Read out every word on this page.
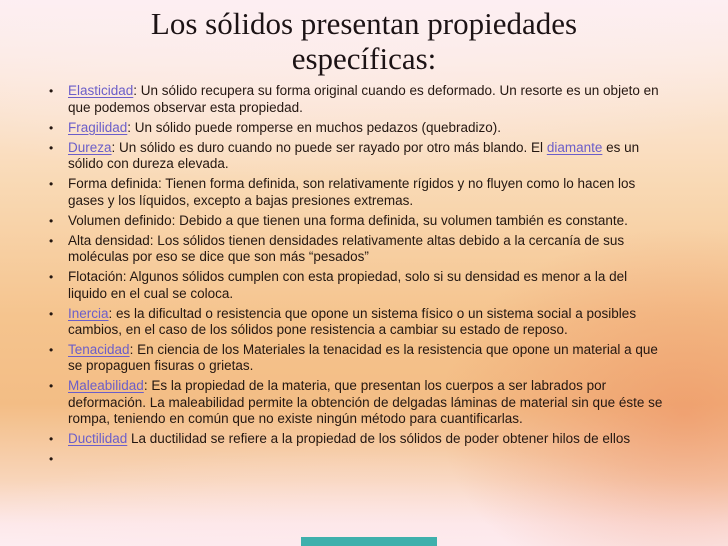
Los sólidos presentan propiedades
específicas:
• Elasticidad: Un sólido recupera su forma original cuando es deformado. Un resorte es un objeto en que podemos observar esta propiedad.
• Fragilidad: Un sólido puede romperse en muchos pedazos (quebradizo).
• Dureza: Un sólido es duro cuando no puede ser rayado por otro más blando. El diamante es un sólido con dureza elevada.
• Forma definida: Tienen forma definida, son relativamente rígidos y no fluyen como lo hacen los gases y los líquidos, excepto a bajas presiones extremas.
• Volumen definido: Debido a que tienen una forma definida, su volumen también es constante.
• Alta densidad: Los sólidos tienen densidades relativamente altas debido a la cercanía de sus moléculas por eso se dice que son más “pesados”
• Flotación: Algunos sólidos cumplen con esta propiedad, solo si su densidad es menor a la del liquido en el cual se coloca.
• Inercia: es la dificultad o resistencia que opone un sistema físico o un sistema social a posibles cambios, en el caso de los sólidos pone resistencia a cambiar su estado de reposo.
• Tenacidad: En ciencia de los Materiales la tenacidad es la resistencia que opone un material a que se propaguen fisuras o grietas.
• Maleabilidad: Es la propiedad de la materia, que presentan los cuerpos a ser labrados por deformación. La maleabilidad permite la obtención de delgadas láminas de material sin que éste se rompa, teniendo en común que no existe ningún método para cuantificarlas.
• Ductilidad La ductilidad se refiere a la propiedad de los sólidos de poder obtener hilos de ellos
•
